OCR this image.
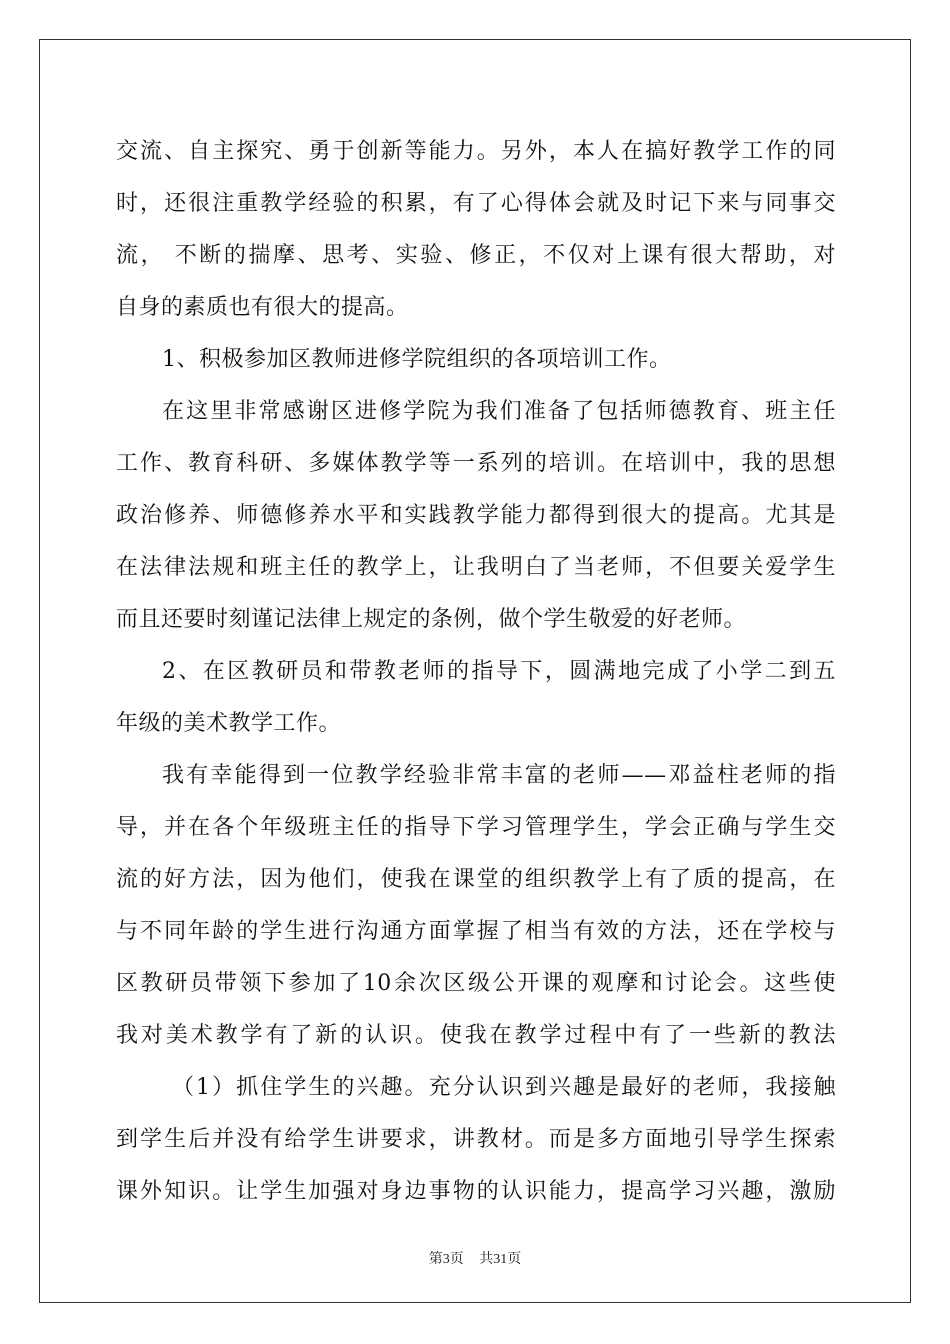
交流、自主探究、勇于创新等能力。另外，本人在搞好教学工作的同
时，还很注重教学经验的积累，有了心得体会就及时记下来与同事交
流， 不断的揣摩、思考、实验、修正，不仅对上课有很大帮助，对
自身的素质也有很大的提高。
1、积极参加区教师进修学院组织的各项培训工作。
在这里非常感谢区进修学院为我们准备了包括师德教育、班主任
工作、教育科研、多媒体教学等一系列的培训。在培训中，我的思想
政治修养、师德修养水平和实践教学能力都得到很大的提高。尤其是
在法律法规和班主任的教学上，让我明白了当老师，不但要关爱学生
而且还要时刻谨记法律上规定的条例，做个学生敬爱的好老师。
2、在区教研员和带教老师的指导下，圆满地完成了小学二到五
年级的美术教学工作。
我有幸能得到一位教学经验非常丰富的老师——邓益柱老师的指
导，并在各个年级班主任的指导下学习管理学生，学会正确与学生交
流的好方法，因为他们，使我在课堂的组织教学上有了质的提高，在
与不同年龄的学生进行沟通方面掌握了相当有效的方法，还在学校与
区教研员带领下参加了10余次区级公开课的观摩和讨论会。这些使
我对美术教学有了新的认识。使我在教学过程中有了一些新的教法
（1）抓住学生的兴趣。充分认识到兴趣是最好的老师，我接触
到学生后并没有给学生讲要求，讲教材。而是多方面地引导学生探索
课外知识。让学生加强对身边事物的认识能力，提高学习兴趣，激励
第3页 共31页
